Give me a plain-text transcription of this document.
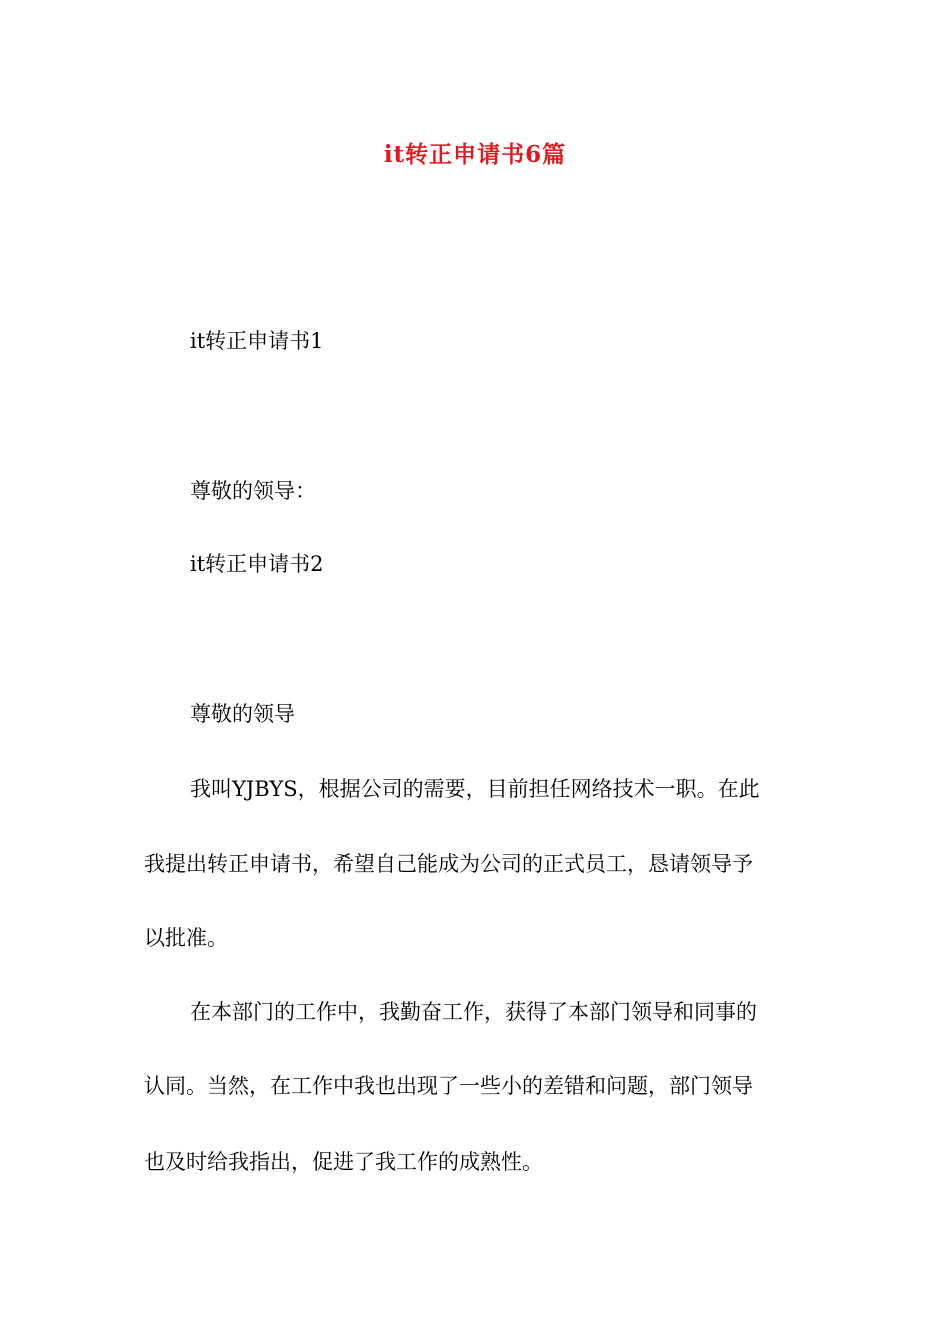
it转正申请书6篇
it转正申请书1
尊敬的领导：
it转正申请书2
尊敬的领导
我叫YJBYS，根据公司的需要，目前担任网络技术一职。在此
我提出转正申请书，希望自己能成为公司的正式员工，恳请领导予
以批准。
在本部门的工作中，我勤奋工作，获得了本部门领导和同事的
认同。当然，在工作中我也出现了一些小的差错和问题，部门领导
也及时给我指出，促进了我工作的成熟性。
